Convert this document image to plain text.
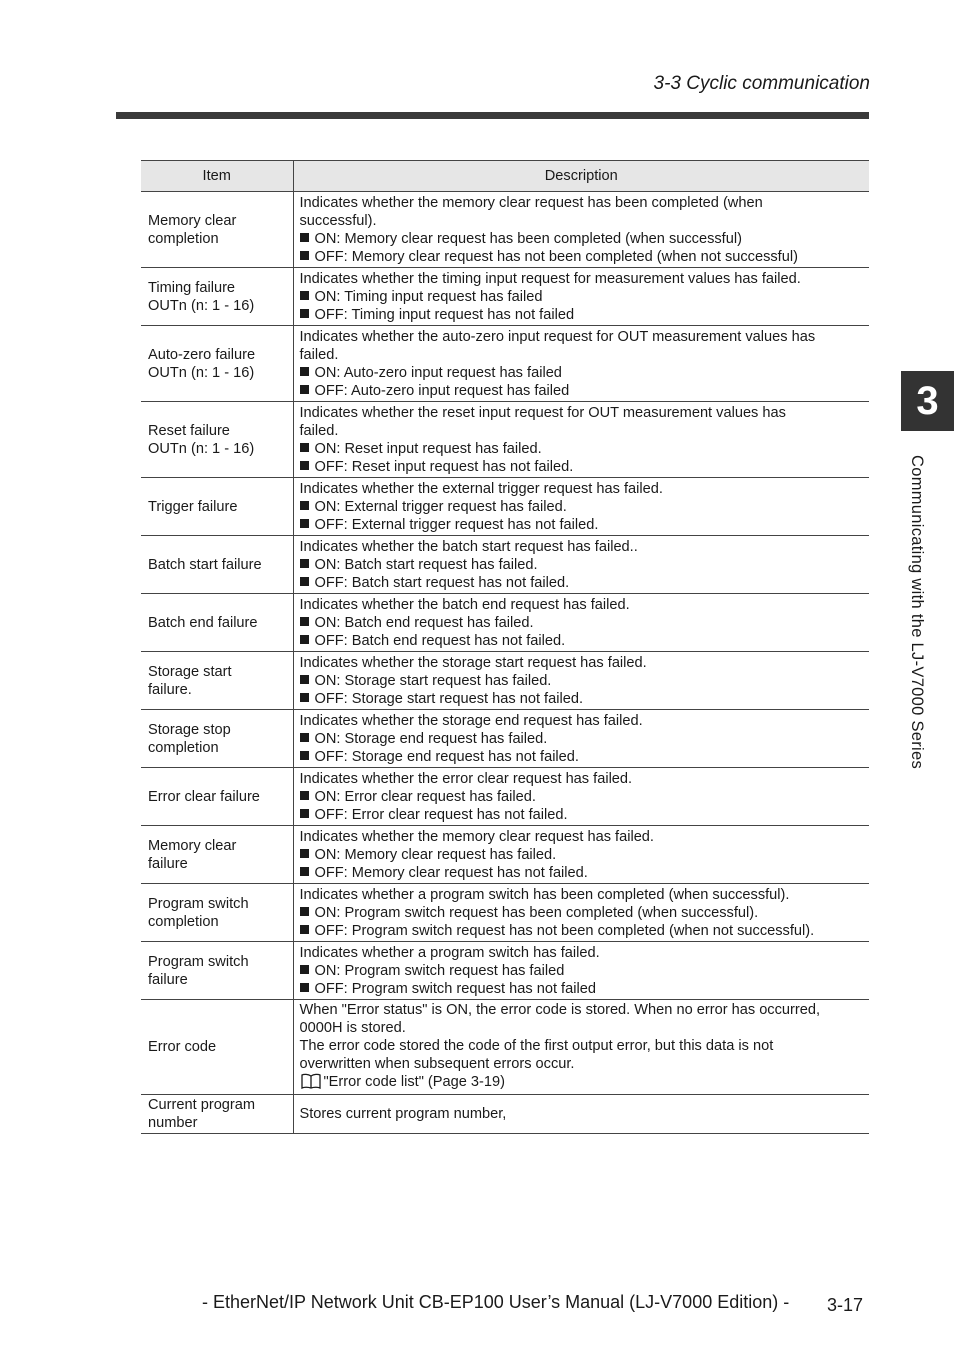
3-3 Cyclic communication
Item	Description

Memory clear
completion	Indicates whether the memory clear request has been completed (when
successful).
ON: Memory clear request has been completed (when successful)
OFF: Memory clear request has not been completed (when not successful)

Timing failure
OUTn (n: 1 - 16)	Indicates whether the timing input request for measurement values has failed.
ON: Timing input request has failed
OFF: Timing input request has not failed

Auto-zero failure
OUTn (n: 1 - 16)	Indicates whether the auto-zero input request for OUT measurement values has
failed.
ON: Auto-zero input request has failed
OFF: Auto-zero input request has failed

Reset failure
OUTn (n: 1 - 16)	Indicates whether the reset input request for OUT measurement values has
failed.
ON: Reset input request has failed.
OFF: Reset input request has not failed.

Trigger failure	Indicates whether the external trigger request has failed.
ON: External trigger request has failed.
OFF: External trigger request has not failed.

Batch start failure	Indicates whether the batch start request has failed..
ON: Batch start request has failed.
OFF: Batch start request has not failed.

Batch end failure	Indicates whether the batch end request has failed.
ON: Batch end request has failed.
OFF: Batch end request has not failed.

Storage start
failure.	Indicates whether the storage start request has failed.
ON: Storage start request has failed.
OFF: Storage start request has not failed.

Storage stop
completion	Indicates whether the storage end request has failed.
ON: Storage end request has failed.
OFF: Storage end request has not failed.

Error clear failure	Indicates whether the error clear request has failed.
ON: Error clear request has failed.
OFF: Error clear request has not failed.

Memory clear
failure	Indicates whether the memory clear request has failed.
ON: Memory clear request has failed.
OFF: Memory clear request has not failed.

Program switch
completion	Indicates whether a program switch has been completed (when successful).
ON: Program switch request has been completed (when successful).
OFF: Program switch request has not been completed (when not successful).

Program switch
failure	Indicates whether a program switch has failed.
ON: Program switch request has failed
OFF: Program switch request has not failed

Error code	When "Error status" is ON, the error code is stored. When no error has occurred,
0000H is stored.
The error code stored the code of the first output error, but this data is not
overwritten when subsequent errors occur.
"Error code list" (Page 3-19)

Current program
number	Stores current program number,
3
Communicating with the LJ-V7000 Series
- EtherNet/IP Network Unit CB-EP100 User’s Manual (LJ-V7000 Edition) - 3-17
